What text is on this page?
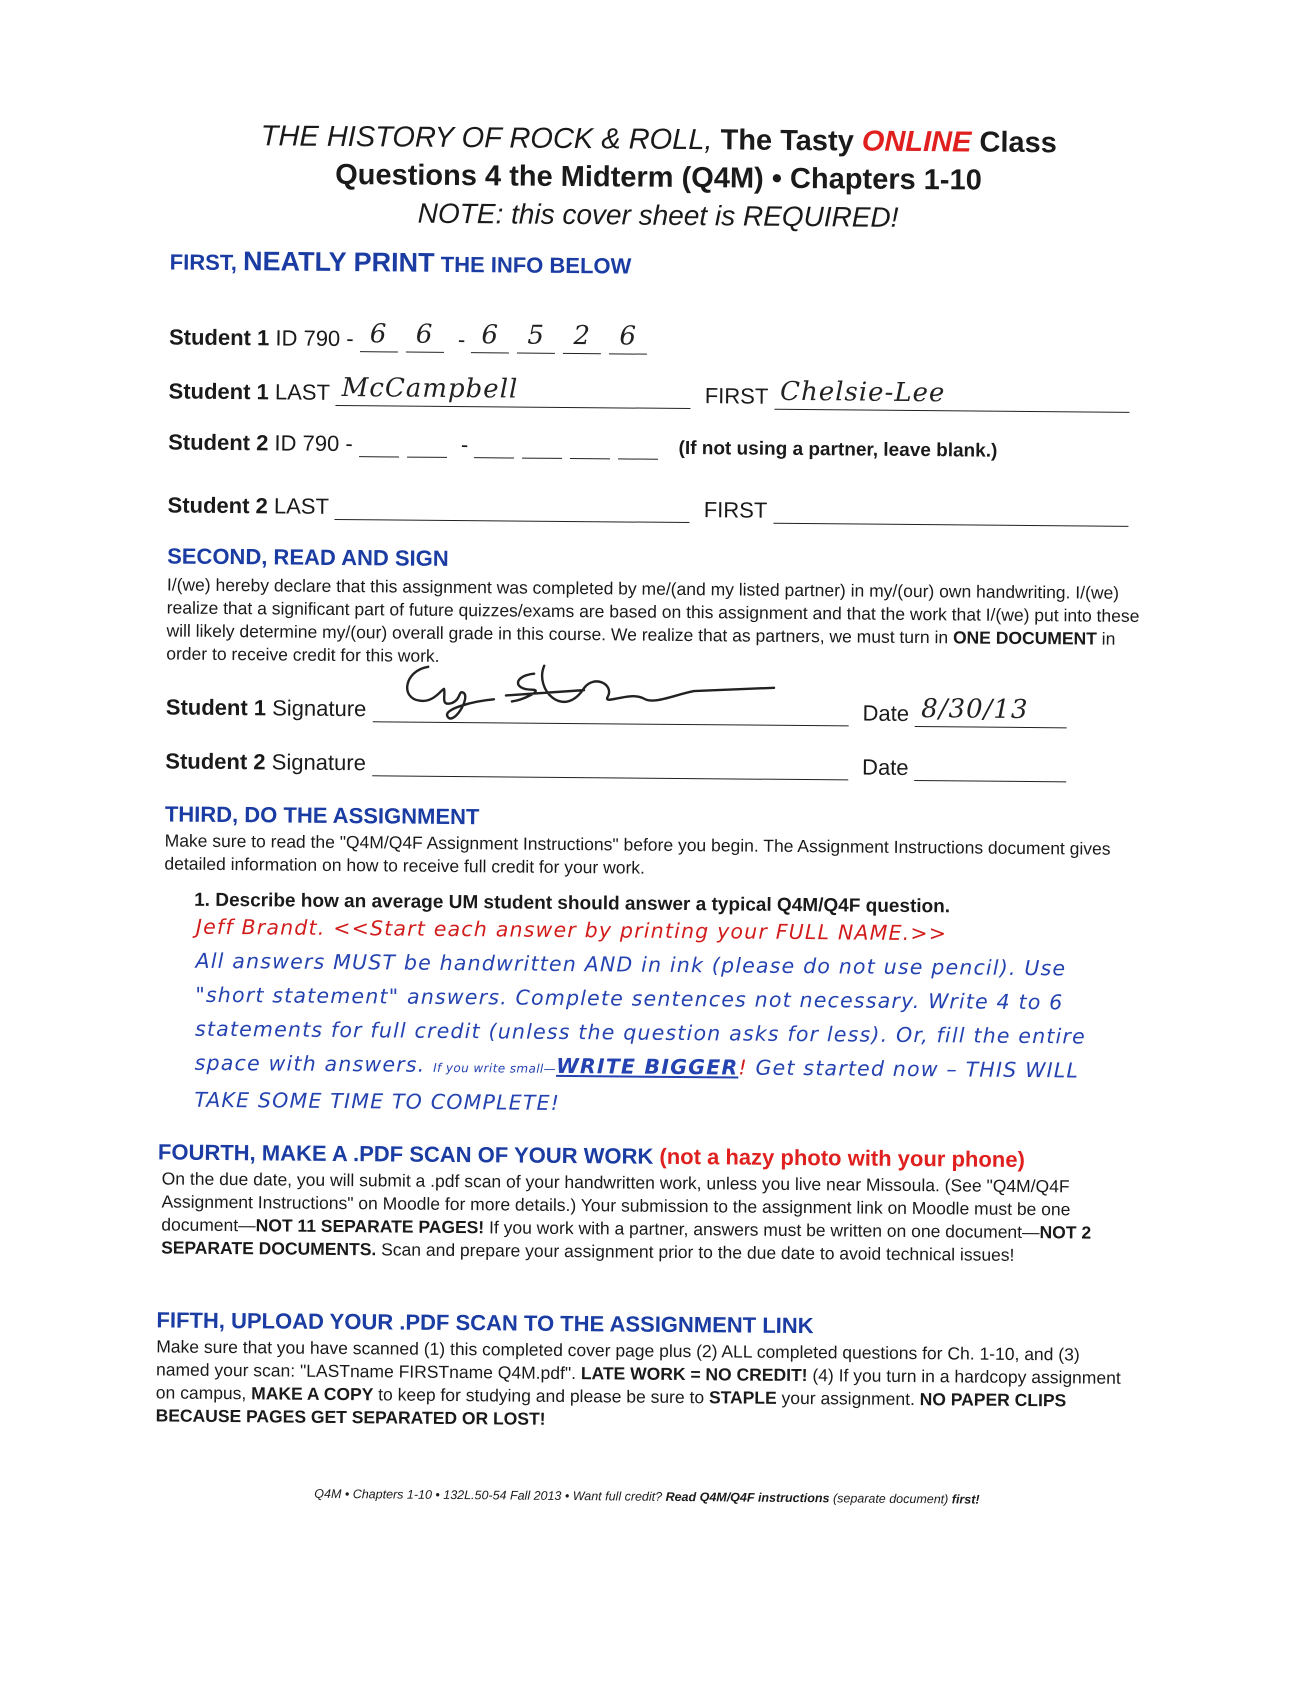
THE HISTORY OF ROCK & ROLL, The Tasty ONLINE Class
Questions 4 the Midterm (Q4M) • Chapters 1-10
NOTE: this cover sheet is REQUIRED!
FIRST, NEATLY PRINT THE INFO BELOW
Student 1 ID 790 - 6 6 - 6 5 2 6
Student 1 LAST McCampbell	FIRST Chelsie-Lee
Student 2 ID 790 -	-	(If not using a partner, leave blank.)
Student 2 LAST	FIRST
SECOND, READ AND SIGN
I/(we) hereby declare that this assignment was completed by me/(and my listed partner) in my/(our) own handwriting. I/(we) realize that a significant part of future quizzes/exams are based on this assignment and that the work that I/(we) put into these will likely determine my/(our) overall grade in this course. We realize that as partners, we must turn in ONE DOCUMENT in order to receive credit for this work.
Student 1 Signature	Date 8/30/13
Student 2 Signature	Date
THIRD, DO THE ASSIGNMENT
Make sure to read the "Q4M/Q4F Assignment Instructions" before you begin. The Assignment Instructions document gives detailed information on how to receive full credit for your work.
1. Describe how an average UM student should answer a typical Q4M/Q4F question.
Jeff Brandt. <<Start each answer by printing your FULL NAME.>>
All answers MUST be handwritten AND in ink (please do not use pencil). Use "short statement" answers. Complete sentences not necessary. Write 4 to 6 statements for full credit (unless the question asks for less). Or, fill the entire space with answers. If you write small—WRITE BIGGER! Get started now – THIS WILL TAKE SOME TIME TO COMPLETE!
FOURTH, MAKE A .PDF SCAN OF YOUR WORK (not a hazy photo with your phone)
On the due date, you will submit a .pdf scan of your handwritten work, unless you live near Missoula. (See "Q4M/Q4F Assignment Instructions" on Moodle for more details.) Your submission to the assignment link on Moodle must be one document—NOT 11 SEPARATE PAGES! If you work with a partner, answers must be written on one document—NOT 2 SEPARATE DOCUMENTS. Scan and prepare your assignment prior to the due date to avoid technical issues!
FIFTH, UPLOAD YOUR .PDF SCAN TO THE ASSIGNMENT LINK
Make sure that you have scanned (1) this completed cover page plus (2) ALL completed questions for Ch. 1-10, and (3) named your scan: "LASTname FIRSTname Q4M.pdf". LATE WORK = NO CREDIT! (4) If you turn in a hardcopy assignment on campus, MAKE A COPY to keep for studying and please be sure to STAPLE your assignment. NO PAPER CLIPS BECAUSE PAGES GET SEPARATED OR LOST!
Q4M • Chapters 1-10 • 132L.50-54 Fall 2013 • Want full credit? Read Q4M/Q4F instructions (separate document) first!
